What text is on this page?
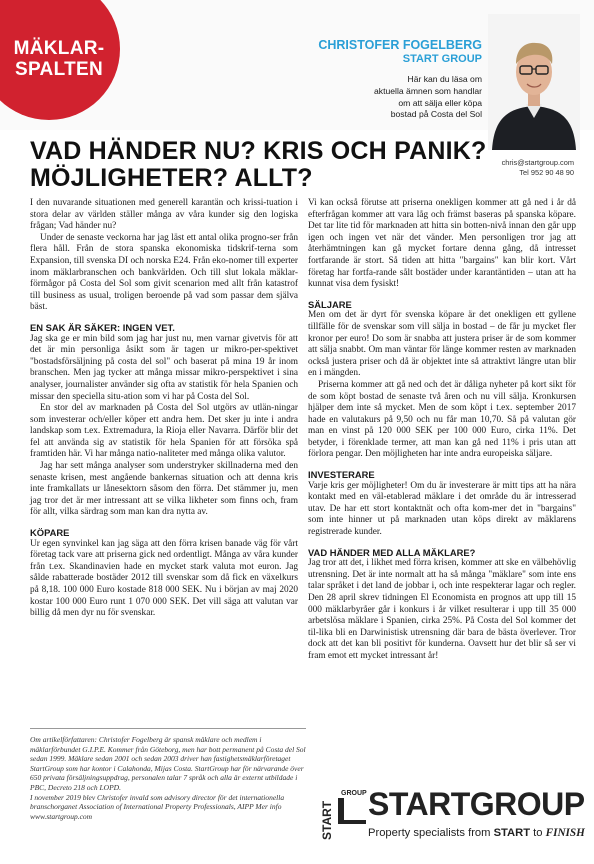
MÄKLAR-
SPALTEN
CHRISTOFER FOGELBERG
START GROUP
Här kan du läsa om
aktuella ämnen som handlar
om att sälja eller köpa
bostad på Costa del Sol
chris@startgroup.com
Tel 952 90 48 90
VAD HÄNDER NU? KRIS OCH PANIK?
MÖJLIGHETER? ALLT?

I den nuvarande situationen med generell karantän och krissi-tuation i stora delar av världen ställer många av våra kunder sig den logiska frågan; Vad händer nu?

Under de senaste veckorna har jag läst ett antal olika progno-ser från flera håll. Från de stora spanska ekonomiska tidskrif-terna som Expansion, till svenska DI och norska E24. Från eko-nomer till experter inom mäklarbranschen och bankvärlden. Och till slut lokala mäklar-förmågor på Costa del Sol som givit scenarion med allt från katastrof till business as usual, troligen beroende på vad som passar dem själva bäst.

EN SAK ÄR SÄKER: INGEN VET.

Jag ska ge er min bild som jag har just nu, men varnar givetvis för att det är min personliga åsikt som är tagen ur mikro-per-spektivet "bostadsförsäljning på costa del sol" och baserat på mina 19 år inom branschen. Men jag tycker att många missar mikro-perspektivet i sina analyser, journalister använder sig ofta av statistik för hela Spanien och missar den speciella situ-ation som vi har på Costa del Sol.

En stor del av marknaden på Costa del Sol utgörs av utlän-ningar som investerar och/eller köper ett andra hem. Det sker ju inte i andra landskap som t.ex. Extremadura, la Rioja eller Navarra. Därför blir det fel att använda sig av statistik för hela Spanien för att försöka spå framtiden här. Vi har många natio-naliteter med många olika valutor.

Jag har sett många analyser som understryker skillnaderna med den senaste krisen, mest angående bankernas situation och att denna kris inte framkallats ur lånesektorn såsom den förra. Det stämmer ju, men jag tror det är mer intressant att se vilka likheter som finns och, fram för allt, vilka särdrag som man kan dra nytta av.

KÖPARE

Ur egen synvinkel kan jag säga att den förra krisen banade väg för vårt företag tack vare att priserna gick ned ordentligt. Många av våra kunder från t.ex. Skandinavien hade en mycket stark valuta mot euron. Jag sålde rabatterade bostäder 2012 till svenskar som då fick en växelkurs på 8,18. 100 000 Euro kostade 818 000 SEK. Nu i början av maj 2020 kostar 100 000 Euro runt 1 070 000 SEK. Det vill säga att valutan var billig då men dyr nu för svenskar.

Om artikelförfattaren: Christofer Fogelberg är spansk mäklare och medlem i mäklarförbundet G.I.P.E. Kommer från Göteborg, men har bott permanent på Costa del Sol sedan 1999. Mäklare sedan 2001 och sedan 2003 driver han fastighetsmäklarföretaget StartGroup som har kontor i Calahonda, Mijas Costa. StartGroup har för närvarande över 650 privata försäljningsuppdrag, personalen talar 7 språk och alla är externt utbildade i PBC, Decreto 218 och LOPD.
I november 2019 blev Christofer invald som advisory director för det internationella branschorganet Association of International Property Professionals, AIPP Mer info www.startgroup.com

Vi kan också förutse att priserna onekligen kommer att gå ned i år då efterfrågan kommer att vara låg och främst baseras på spanska köpare. Det tar lite tid för marknaden att hitta sin botten-nivå innan den går upp igen och ingen vet när det vänder. Men personligen tror jag att återhämtningen kan gå mycket fortare denna gång, då intresset fortfarande är stort. Så tiden att hitta "bargains" kan blir kort. Vårt företag har fortfa-rande sålt bostäder under karantäntiden – utan att ha kunnat visa dem fysiskt!

SÄLJARE

Men om det är dyrt för svenska köpare är det onekligen ett gyllene tillfälle för de svenskar som vill sälja in bostad – de får ju mycket fler kronor per euro! Do som är snabba att justera priser är de som kommer att sälja snabbt. Om man väntar för länge kommer resten av marknaden också justera priser och då är objektet inte så attraktivt längre utan blir en i mängden.

Priserna kommer att gå ned och det är dåliga nyheter på kort sikt för de som köpt bostad de senaste två åren och nu vill sälja. Kronkursen hjälper dem inte så mycket. Men de som köpt i t.ex. september 2017 hade en valutakurs på 9,50 och nu får man 10,70. Så på valutan gör man en vinst på 120 000 SEK per 100 000 Euro, cirka 11%. Det betyder, i förenklade termer, att man kan gå ned 11% i pris utan att förlora pengar. Den möjligheten har inte andra europeiska säljare.

INVESTERARE

Varje kris ger möjligheter! Om du är investerare är mitt tips att ha nära kontakt med en väl-etablerad mäklare i det område du är intresserad utav. De har ett stort kontaktnät och ofta kom-mer det in "bargains" som inte hinner ut på marknaden utan köps direkt av mäklarens registrerade kunder.

VAD HÄNDER MED ALLA MÄKLARE?

Jag tror att det, i likhet med förra krisen, kommer att ske en välbehövlig utrensning. Det är inte normalt att ha så många "mäklare" som inte ens talar språket i det land de jobbar i, och inte respekterar lagar och regler. Den 28 april skrev tidningen El Economista en prognos att upp till 15 000 mäklarbyråer går i konkurs i år vilket resulterar i upp till 35 000 arbetslösa mäklare i Spanien, cirka 25%. På Costa del Sol kommer det til-lika bli en Darwinistisk utrensning där bara de bästa överlever. Tror dock att det kan bli positivt för kunderna. Oavsett hur det blir så ser vi fram emot ett mycket intressant år!

START
GROUP STARTGROUP
Property specialists from START to FINISH
